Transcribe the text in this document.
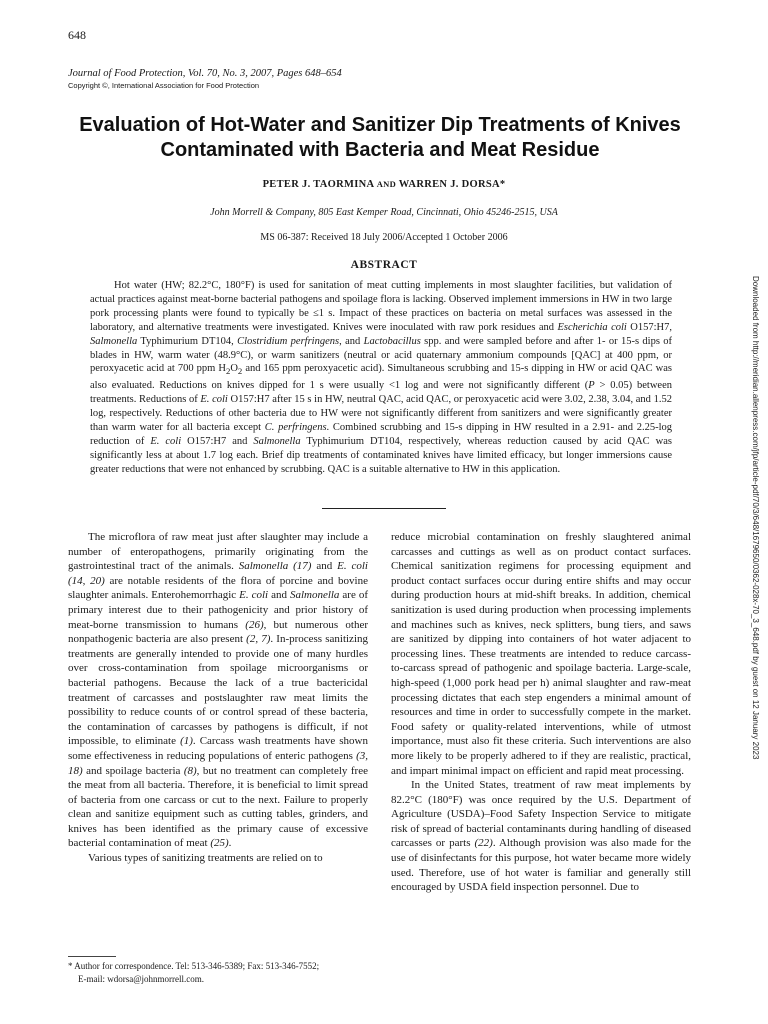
648
Journal of Food Protection, Vol. 70, No. 3, 2007, Pages 648–654
Copyright ©, International Association for Food Protection
Evaluation of Hot-Water and Sanitizer Dip Treatments of Knives
Contaminated with Bacteria and Meat Residue
PETER J. TAORMINA AND WARREN J. DORSA*
John Morrell & Company, 805 East Kemper Road, Cincinnati, Ohio 45246-2515, USA
MS 06-387: Received 18 July 2006/Accepted 1 October 2006
ABSTRACT

Hot water (HW; 82.2°C, 180°F) is used for sanitation of meat cutting implements in most slaughter facilities, but validation of actual practices against meat-borne bacterial pathogens and spoilage flora is lacking. Observed implement immersions in HW in two large pork processing plants were found to typically be ≤1 s. Impact of these practices on bacteria on metal surfaces was assessed in the laboratory, and alternative treatments were investigated. Knives were inoculated with raw pork residues and Escherichia coli O157:H7, Salmonella Typhimurium DT104, Clostridium perfringens, and Lactobacillus spp. and were sampled before and after 1- or 15-s dips of blades in HW, warm water (48.9°C), or warm sanitizers (neutral or acid quaternary ammonium compounds [QAC] at 400 ppm, or peroxyacetic acid at 700 ppm $H_2O_2$ and 165 ppm peroxyacetic acid). Simultaneous scrubbing and 15-s dipping in HW or acid QAC was also evaluated. Reductions on knives dipped for 1 s were usually <1 log and were not significantly different (P > 0.05) between treatments. Reductions of E. coli O157:H7 after 15 s in HW, neutral QAC, acid QAC, or peroxyacetic acid were 3.02, 2.38, 3.04, and 1.52 log, respectively. Reductions of other bacteria due to HW were not significantly different from sanitizers and were significantly greater than warm water for all bacteria except C. perfringens. Combined scrubbing and 15-s dipping in HW resulted in a 2.91- and 2.25-log reduction of E. coli O157:H7 and Salmonella Typhimurium DT104, respectively, whereas reduction caused by acid QAC was significantly less at about 1.7 log each. Brief dip treatments of contaminated knives have limited efficacy, but longer immersions cause greater reductions that were not enhanced by scrubbing. QAC is a suitable alternative to HW in this application.

The microflora of raw meat just after slaughter may include a number of enteropathogens, primarily originating from the gastrointestinal tract of the animals. Salmonella (17) and E. coli (14, 20) are notable residents of the flora of porcine and bovine slaughter animals. Enterohemorrhagic E. coli and Salmonella are of primary interest due to their pathogenicity and prior history of meat-borne transmission to humans (26), but numerous other nonpathogenic bacteria are also present (2, 7). In-process sanitizing treatments are generally intended to provide one of many hurdles over cross-contamination from spoilage microorganisms or bacterial pathogens. Because the lack of a true bactericidal treatment of carcasses and postslaughter raw meat limits the possibility to reduce counts of or control spread of these bacteria, the contamination of carcasses by pathogens is difficult, if not impossible, to eliminate (1). Carcass wash treatments have shown some effectiveness in reducing populations of enteric pathogens (3, 18) and spoilage bacteria (8), but no treatment can completely free the meat from all bacteria. Therefore, it is beneficial to limit spread of bacteria from one carcass or cut to the next. Failure to properly clean and sanitize equipment such as cutting tables, grinders, and knives has been identified as the primary cause of excessive bacterial contamination of meat (25).

Various types of sanitizing treatments are relied on to

reduce microbial contamination on freshly slaughtered animal carcasses and cuttings as well as on product contact surfaces. Chemical sanitization regimens for processing equipment and product contact surfaces occur during entire shifts and may occur during production hours at mid-shift breaks. In addition, chemical sanitization is used during production when processing implements and machines such as knives, neck splitters, bung tiers, and saws are sanitized by dipping into containers of hot water adjacent to processing lines. These treatments are intended to reduce carcass-to-carcass spread of pathogenic and spoilage bacteria. Large-scale, high-speed (1,000 pork head per h) animal slaughter and raw-meat processing dictates that each step engenders a minimal amount of resources and time in order to successfully compete in the market. Food safety or quality-related interventions, while of utmost importance, must also fit these criteria. Such interventions are also more likely to be properly adhered to if they are realistic, practical, and impart minimal impact on efficient and rapid meat processing.

In the United States, treatment of raw meat implements by 82.2°C (180°F) was once required by the U.S. Department of Agriculture (USDA)–Food Safety Inspection Service to mitigate risk of spread of bacterial contaminants during handling of diseased carcasses or parts (22). Although provision was also made for the use of disinfectants for this purpose, hot water became more widely used. Therefore, use of hot water is familiar and generally still encouraged by USDA field inspection personnel. Due to

* Author for correspondence. Tel: 513-346-5389; Fax: 513-346-7552;
E-mail: wdorsa@johnmorrell.com.
Downloaded from http://meridian.allenpress.com/jfp/article-pdf/70/3/648/1679650/0362-028x-70_3_648.pdf by guest on 12 January 2023
